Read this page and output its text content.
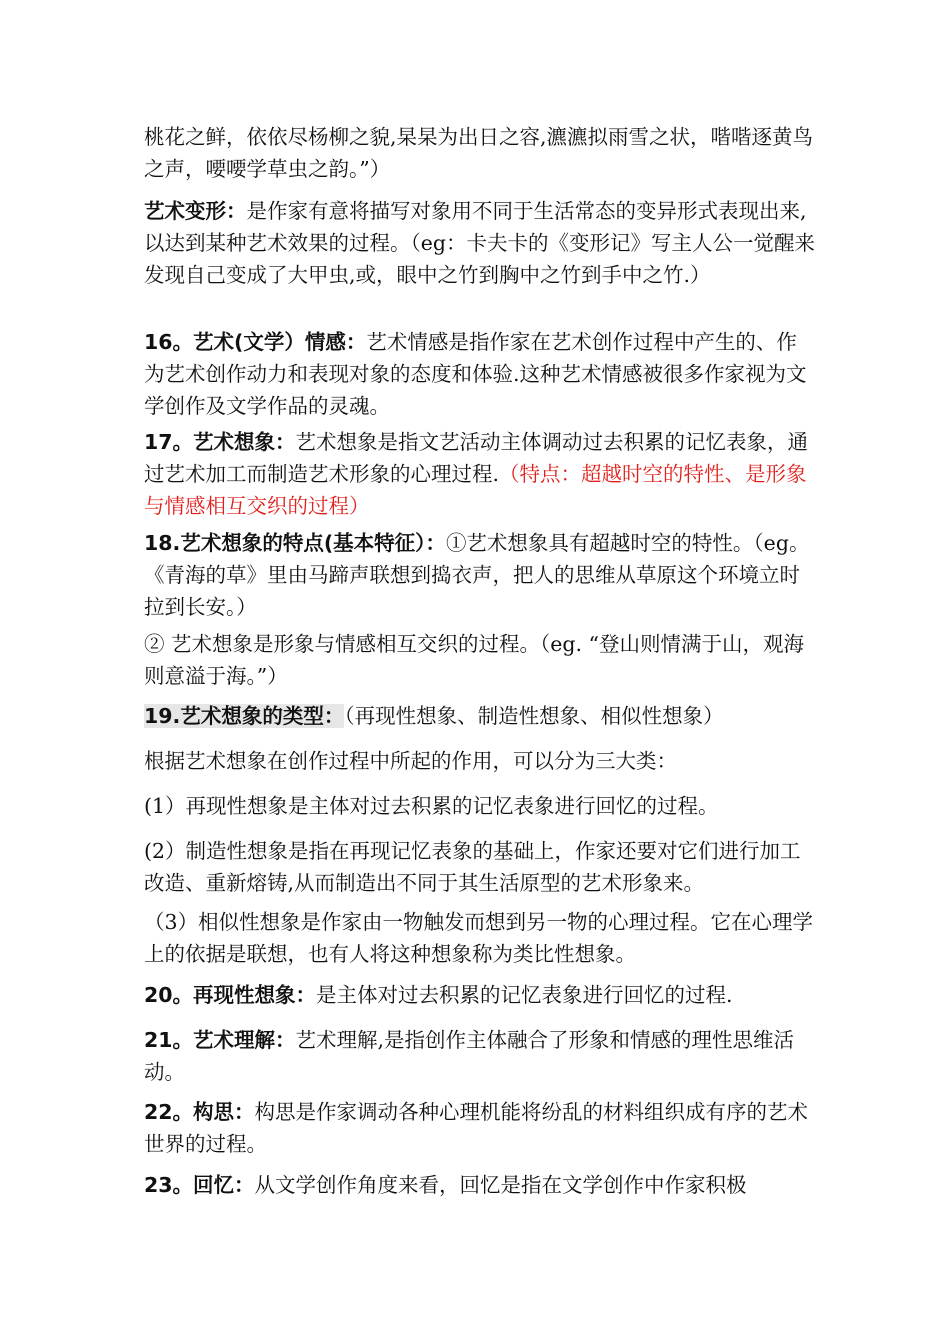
桃花之鲜，依依尽杨柳之貌,杲杲为出日之容,瀌瀌拟雨雪之状，喈喈逐黄鸟之声，喓喓学草虫之韵。”）

艺术变形：是作家有意将描写对象用不同于生活常态的变异形式表现出来,以达到某种艺术效果的过程。（eg：卡夫卡的《变形记》写主人公一觉醒来发现自己变成了大甲虫,或，眼中之竹到胸中之竹到手中之竹.）

16。艺术(文学）情感：艺术情感是指作家在艺术创作过程中产生的、作为艺术创作动力和表现对象的态度和体验.这种艺术情感被很多作家视为文学创作及文学作品的灵魂。

17。艺术想象：艺术想象是指文艺活动主体调动过去积累的记忆表象，通过艺术加工而制造艺术形象的心理过程.（特点：超越时空的特性、是形象与情感相互交织的过程）

18.艺术想象的特点(基本特征）：①艺术想象具有超越时空的特性。（eg。《青海的草》里由马蹄声联想到捣衣声，把人的思维从草原这个环境立时拉到长安。）

② 艺术想象是形象与情感相互交织的过程。（eg. “登山则情满于山，观海则意溢于海。”）

19.艺术想象的类型：（再现性想象、制造性想象、相似性想象）

根据艺术想象在创作过程中所起的作用，可以分为三大类：

(1）再现性想象是主体对过去积累的记忆表象进行回忆的过程。

(2）制造性想象是指在再现记忆表象的基础上，作家还要对它们进行加工改造、重新熔铸,从而制造出不同于其生活原型的艺术形象来。

（3）相似性想象是作家由一物触发而想到另一物的心理过程。它在心理学上的依据是联想，也有人将这种想象称为类比性想象。

20。再现性想象：是主体对过去积累的记忆表象进行回忆的过程.

21。艺术理解：艺术理解,是指创作主体融合了形象和情感的理性思维活动。

22。构思：构思是作家调动各种心理机能将纷乱的材料组织成有序的艺术世界的过程。

23。回忆：从文学创作角度来看，回忆是指在文学创作中作家积极
